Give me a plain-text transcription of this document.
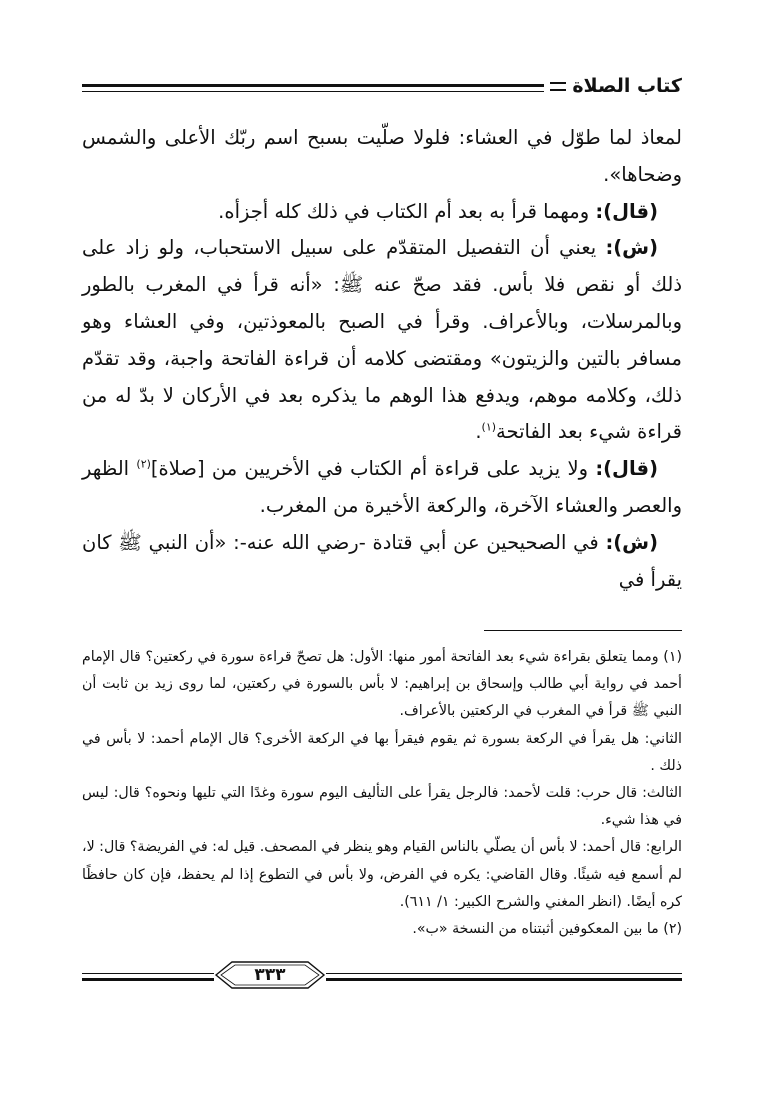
كتاب الصلاة

لمعاذ لما طوّل في العشاء: فلولا صلّيت بسبح اسم ربّك الأعلى والشمس وضحاها».

(قال): ومهما قرأ به بعد أم الكتاب في ذلك كله أجزأه.

(ش): يعني أن التفصيل المتقدّم على سبيل الاستحباب، ولو زاد على ذلك أو نقص فلا بأس. فقد صحّ عنه ﷺ: «أنه قرأ في المغرب بالطور وبالمرسلات، وبالأعراف. وقرأ في الصبح بالمعوذتين، وفي العشاء وهو مسافر بالتين والزيتون» ومقتضى كلامه أن قراءة الفاتحة واجبة، وقد تقدّم ذلك، وكلامه موهم، ويدفع هذا الوهم ما يذكره بعد في الأركان لا بدّ له من قراءة شيء بعد الفاتحة$^{(١)}$.

(قال): ولا يزيد على قراءة أم الكتاب في الأخريين من [صلاة]$^{(٢)}$ الظهر والعصر والعشاء الآخرة، والركعة الأخيرة من المغرب.

(ش): في الصحيحين عن أبي قتادة -رضي الله عنه-: «أن النبي ﷺ كان يقرأ في

(١) ومما يتعلق بقراءة شيء بعد الفاتحة أمور منها: الأول: هل تصحّ قراءة سورة في ركعتين؟ قال الإمام أحمد في رواية أبي طالب وإسحاق بن إبراهيم: لا بأس بالسورة في ركعتين، لما روى زيد بن ثابت أن النبي ﷺ قرأ في المغرب في الركعتين بالأعراف.

الثاني: هل يقرأ في الركعة بسورة ثم يقوم فيقرأ بها في الركعة الأخرى؟ قال الإمام أحمد: لا بأس في ذلك .

الثالث: قال حرب: قلت لأحمد: فالرجل يقرأ على التأليف اليوم سورة وغدًا التي تليها ونحوه؟ قال: ليس في هذا شيء.

الرابع: قال أحمد: لا بأس أن يصلّي بالناس القيام وهو ينظر في المصحف. قيل له: في الفريضة؟ قال: لا، لم أسمع فيه شيئًا. وقال القاضي: يكره في الفرض، ولا بأس في التطوع إذا لم يحفظ، فإن كان حافظًا كره أيضًا. (انظر المغني والشرح الكبير: ١/ ٦١١).

(٢) ما بين المعكوفين أثبتناه من النسخة «ب».

٣٣٣
